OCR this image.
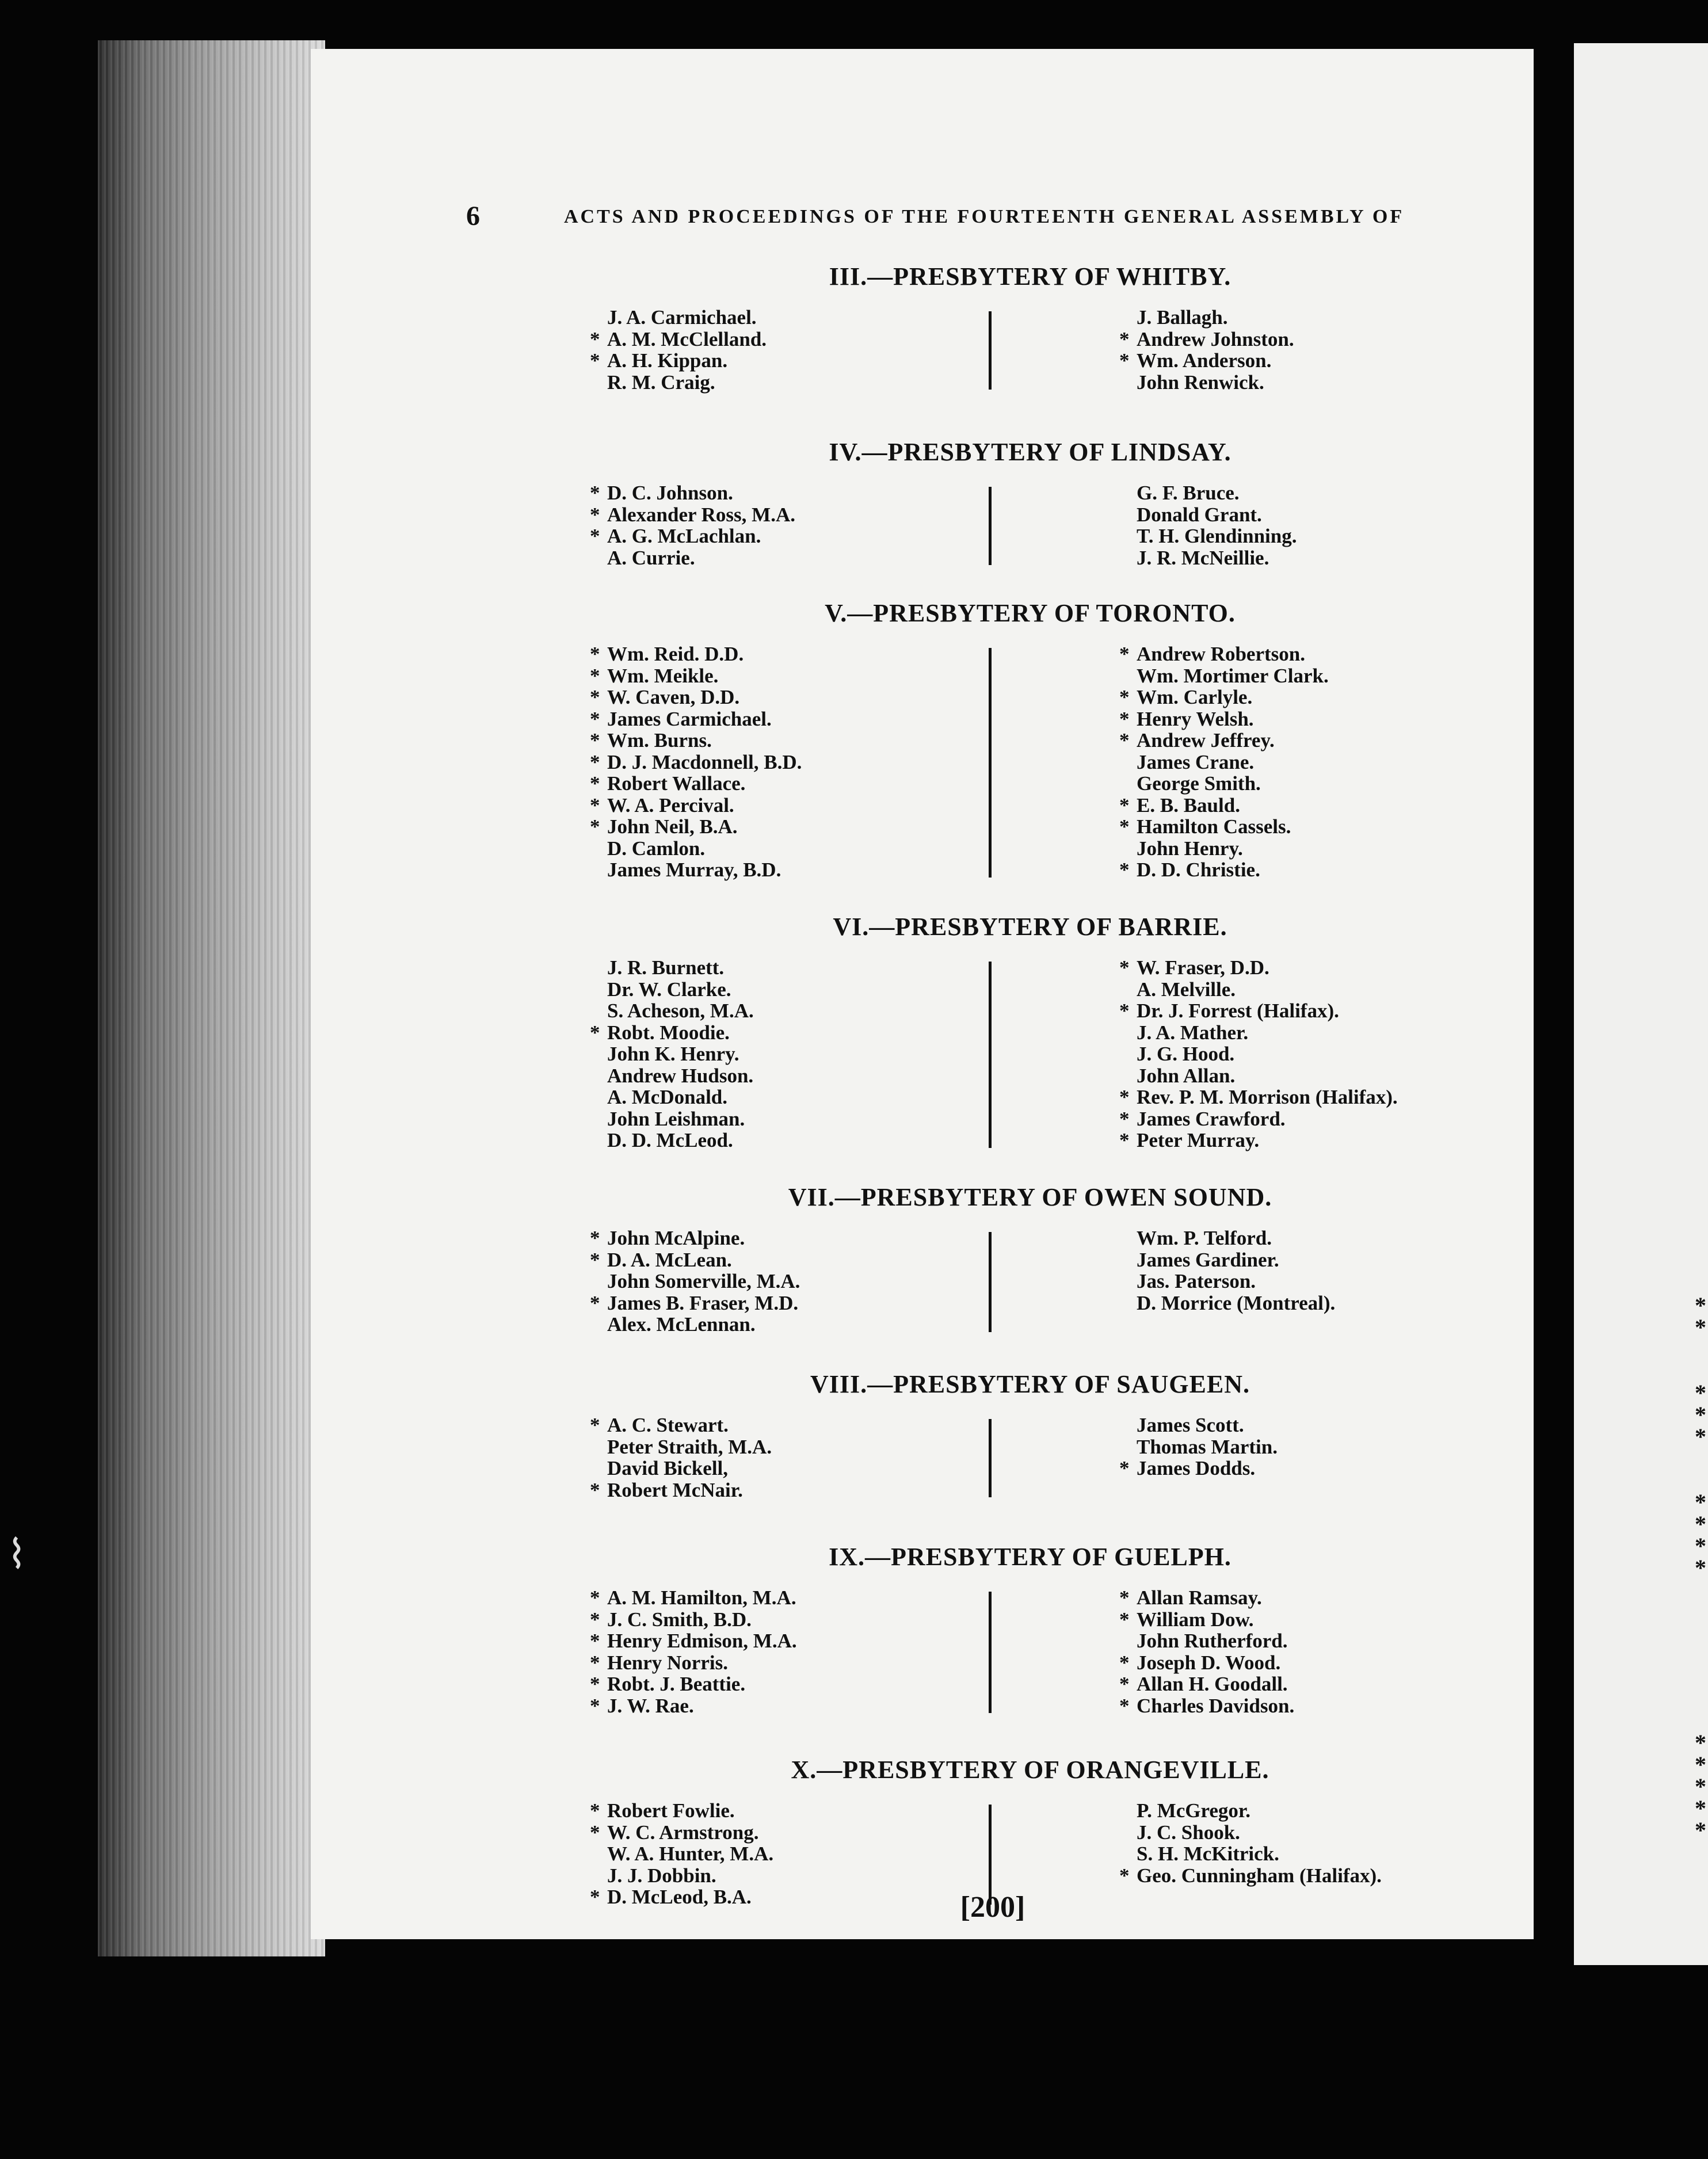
*
*

*
*
*

*
*
*
*

*
*
*
*
*
⌇
6	ACTS AND PROCEEDINGS OF THE FOURTEENTH GENERAL ASSEMBLY OF
III.—PRESBYTERY OF WHITBY.
J. A. Carmichael.
* A. M. McClelland.
* A. H. Kippan.
R. M. Craig.
J. Ballagh.
* Andrew Johnston.
* Wm. Anderson.
John Renwick.
IV.—PRESBYTERY OF LINDSAY.
* D. C. Johnson.
* Alexander Ross, M.A.
* A. G. McLachlan.
A. Currie.
G. F. Bruce.
Donald Grant.
T. H. Glendinning.
J. R. McNeillie.
V.—PRESBYTERY OF TORONTO.
* Wm. Reid. D.D.
* Wm. Meikle.
* W. Caven, D.D.
* James Carmichael.
* Wm. Burns.
* D. J. Macdonnell, B.D.
* Robert Wallace.
* W. A. Percival.
* John Neil, B.A.
D. Camlon.
James Murray, B.D.
* Andrew Robertson.
Wm. Mortimer Clark.
* Wm. Carlyle.
* Henry Welsh.
* Andrew Jeffrey.
James Crane.
George Smith.
* E. B. Bauld.
* Hamilton Cassels.
John Henry.
* D. D. Christie.
VI.—PRESBYTERY OF BARRIE.
J. R. Burnett.
Dr. W. Clarke.
S. Acheson, M.A.
* Robt. Moodie.
John K. Henry.
Andrew Hudson.
A. McDonald.
John Leishman.
D. D. McLeod.
* W. Fraser, D.D.
A. Melville.
* Dr. J. Forrest (Halifax).
J. A. Mather.
J. G. Hood.
John Allan.
* Rev. P. M. Morrison (Halifax).
* James Crawford.
* Peter Murray.
VII.—PRESBYTERY OF OWEN SOUND.
* John McAlpine.
* D. A. McLean.
John Somerville, M.A.
* James B. Fraser, M.D.
Alex. McLennan.
Wm. P. Telford.
James Gardiner.
Jas. Paterson.
D. Morrice (Montreal).
VIII.—PRESBYTERY OF SAUGEEN.
* A. C. Stewart.
Peter Straith, M.A.
David Bickell,
* Robert McNair.
James Scott.
Thomas Martin.
* James Dodds.
IX.—PRESBYTERY OF GUELPH.
* A. M. Hamilton, M.A.
* J. C. Smith, B.D.
* Henry Edmison, M.A.
* Henry Norris.
* Robt. J. Beattie.
* J. W. Rae.
* Allan Ramsay.
* William Dow.
John Rutherford.
* Joseph D. Wood.
* Allan H. Goodall.
* Charles Davidson.
X.—PRESBYTERY OF ORANGEVILLE.
* Robert Fowlie.
* W. C. Armstrong.
W. A. Hunter, M.A.
J. J. Dobbin.
* D. McLeod, B.A.
P. McGregor.
J. C. Shook.
S. H. McKitrick.
* Geo. Cunningham (Halifax).
[200]
